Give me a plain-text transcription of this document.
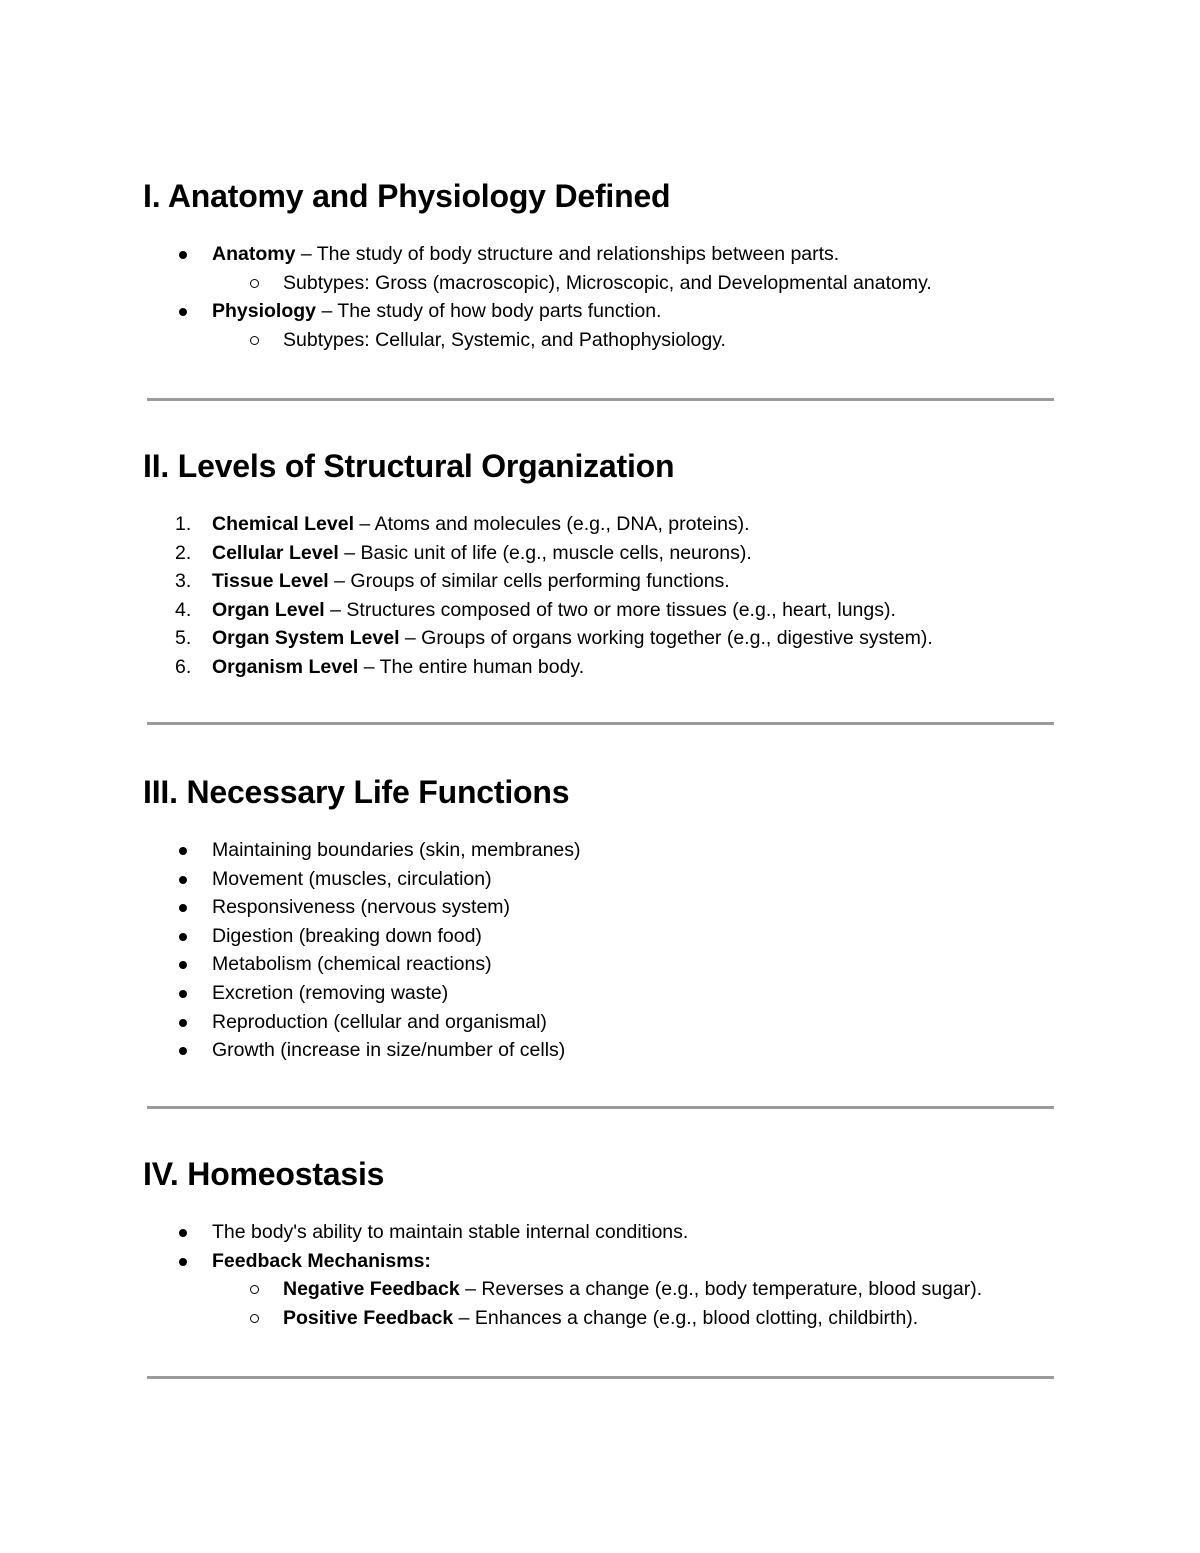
I. Anatomy and Physiology Defined
Anatomy – The study of body structure and relationships between parts.
Subtypes: Gross (macroscopic), Microscopic, and Developmental anatomy.
Physiology – The study of how body parts function.
Subtypes: Cellular, Systemic, and Pathophysiology.
II. Levels of Structural Organization
1.	Chemical Level – Atoms and molecules (e.g., DNA, proteins).
2.	Cellular Level – Basic unit of life (e.g., muscle cells, neurons).
3.	Tissue Level – Groups of similar cells performing functions.
4.	Organ Level – Structures composed of two or more tissues (e.g., heart, lungs).
5.	Organ System Level – Groups of organs working together (e.g., digestive system).
6.	Organism Level – The entire human body.
III. Necessary Life Functions
Maintaining boundaries (skin, membranes)
Movement (muscles, circulation)
Responsiveness (nervous system)
Digestion (breaking down food)
Metabolism (chemical reactions)
Excretion (removing waste)
Reproduction (cellular and organismal)
Growth (increase in size/number of cells)
IV. Homeostasis
The body's ability to maintain stable internal conditions.
Feedback Mechanisms:
Negative Feedback – Reverses a change (e.g., body temperature, blood sugar).
Positive Feedback – Enhances a change (e.g., blood clotting, childbirth).
